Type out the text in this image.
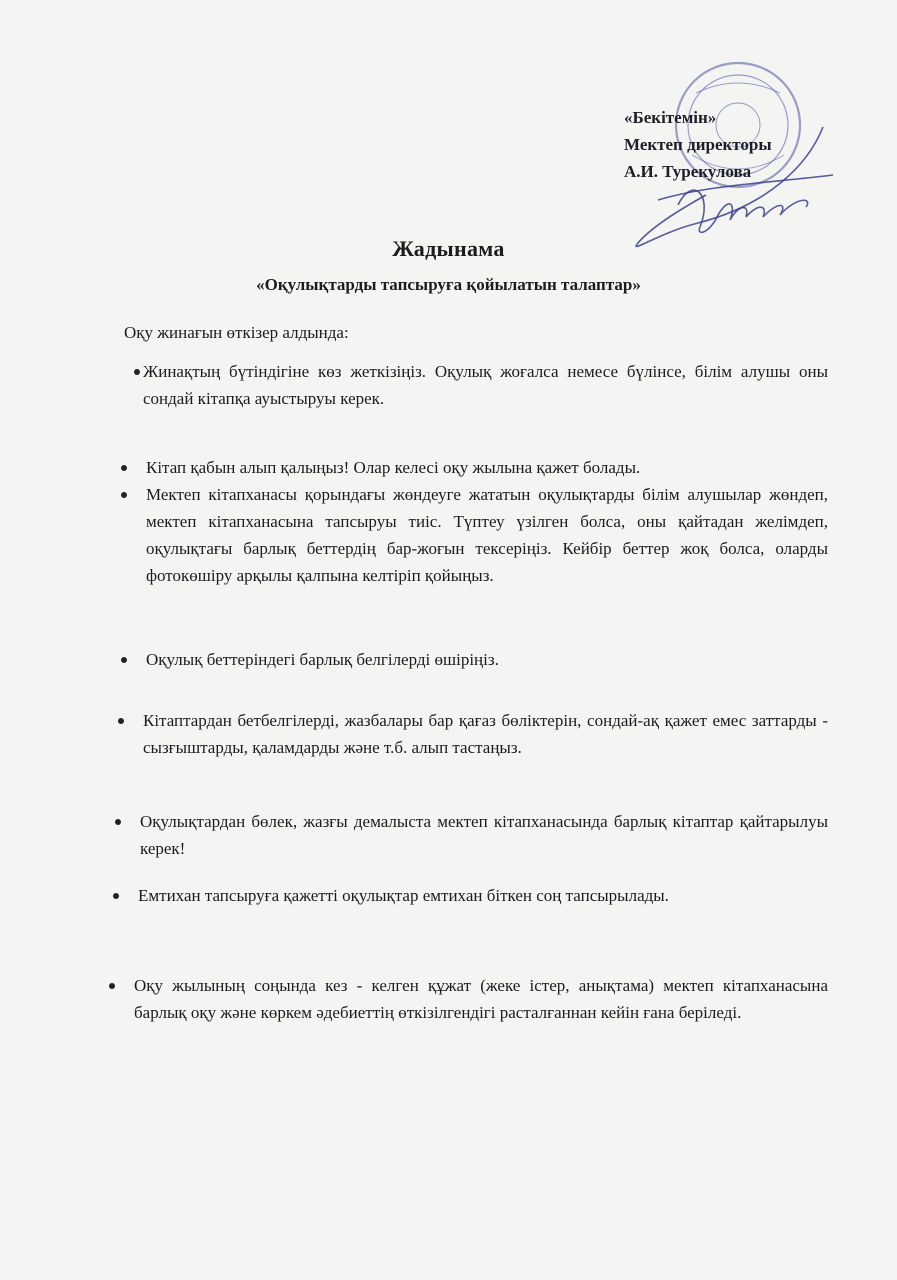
«Бекітемін»
Мектеп директоры
А.И. Турекулова
Жадынама
«Оқулықтарды тапсыруға қойылатын талаптар»
Оқу жинағын өткізер алдында:
Жинақтың бүтіндігіне көз жеткізіңіз. Оқулық жоғалса немесе бүлінсе, білім алушы оны сондай кітапқа ауыстыруы керек.
Кітап қабын алып қалыңыз! Олар келесі оқу жылына қажет болады.
Мектеп кітапханасы қорындағы жөндеуге жататын оқулықтарды білім алушылар жөндеп, мектеп кітапханасына тапсыруы тиіс. Түптеу үзілген болса, оны қайтадан желімдеп, оқулықтағы барлық беттердің бар-жоғын тексеріңіз. Кейбір беттер жоқ болса, оларды фотокөшіру арқылы қалпына келтіріп қойыңыз.
Оқулық беттеріндегі барлық белгілерді өшіріңіз.
Кітаптардан бетбелгілерді, жазбалары бар қағаз бөліктерін, сондай-ақ қажет емес заттарды - сызғыштарды, қаламдарды және т.б. алып тастаңыз.
Оқулықтардан бөлек, жазғы демалыста мектеп кітапханасында барлық кітаптар қайтарылуы керек!
Емтихан тапсыруға қажетті оқулықтар емтихан біткен соң тапсырылады.
Оқу жылының соңында кез - келген құжат (жеке істер, анықтама) мектеп кітапханасына барлық оқу және көркем әдебиеттің өткізілгендігі расталғаннан кейін ғана беріледі.
